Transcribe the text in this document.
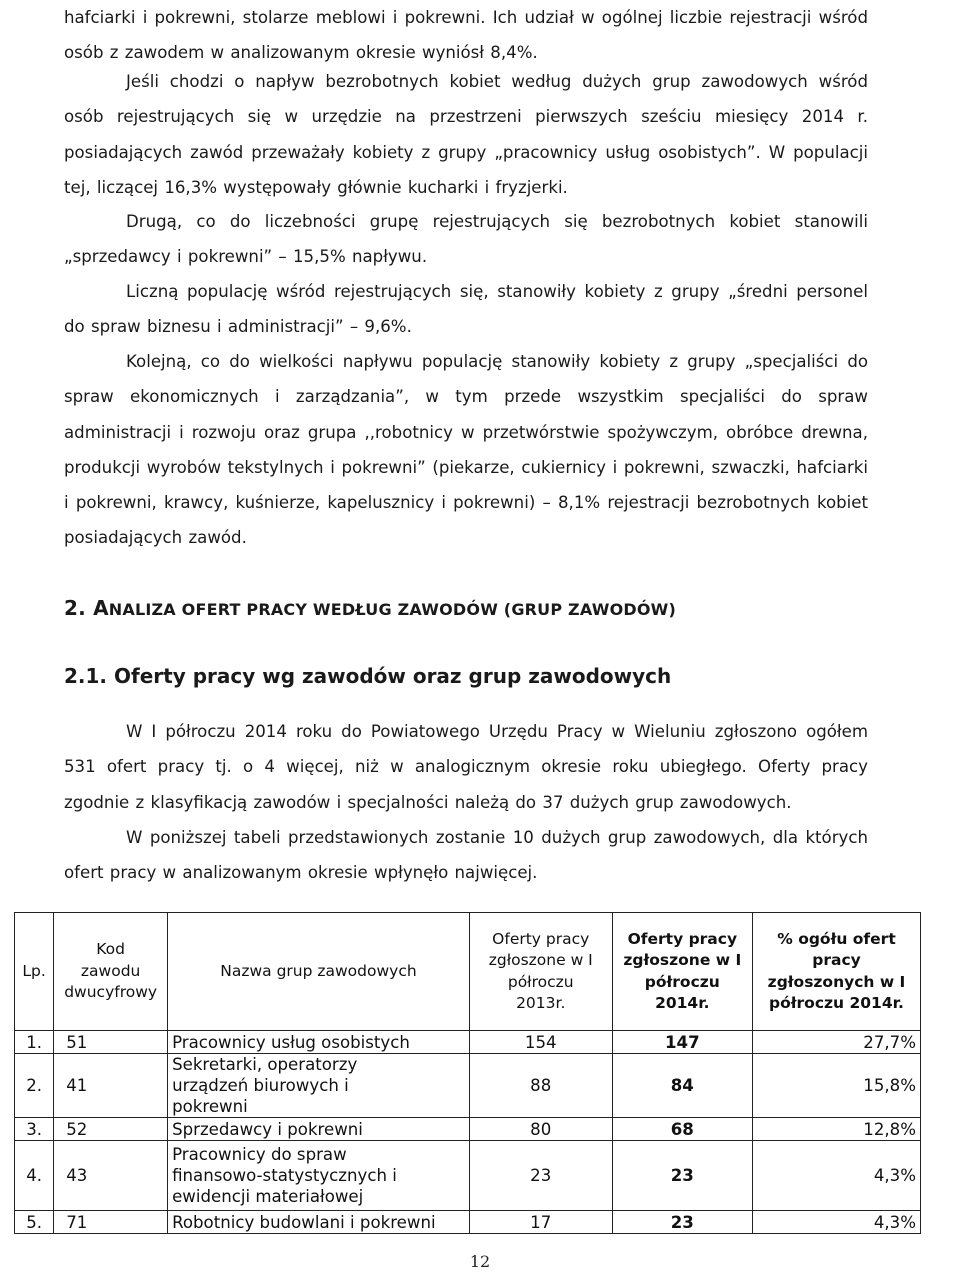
hafciarki i pokrewni, stolarze meblowi i pokrewni. Ich udział w ogólnej liczbie rejestracji wśród osób z zawodem w analizowanym okresie wyniósł 8,4%.

Jeśli chodzi o napływ bezrobotnych kobiet według dużych grup zawodowych wśród osób rejestrujących się w urzędzie na przestrzeni pierwszych sześciu miesięcy 2014 r. posiadających zawód przeważały kobiety z grupy „pracownicy usług osobistych”. W populacji tej, liczącej 16,3% występowały głównie kucharki i fryzjerki.

Drugą, co do liczebności grupę rejestrujących się bezrobotnych kobiet stanowili „sprzedawcy i pokrewni” – 15,5% napływu.

Liczną populację wśród rejestrujących się, stanowiły kobiety z grupy „średni personel do spraw biznesu i administracji” – 9,6%.

Kolejną, co do wielkości napływu populację stanowiły kobiety z grupy „specjaliści do spraw ekonomicznych i zarządzania”, w tym przede wszystkim specjaliści do spraw administracji i rozwoju oraz grupa ,,robotnicy w przetwórstwie spożywczym, obróbce drewna, produkcji wyrobów tekstylnych i pokrewni” (piekarze, cukiernicy i pokrewni, szwaczki, hafciarki i pokrewni, krawcy, kuśnierze, kapelusznicy i pokrewni) – 8,1% rejestracji bezrobotnych kobiet posiadających zawód.

2. ANALIZA OFERT PRACY WEDŁUG ZAWODÓW (GRUP ZAWODÓW)
2.1. Oferty pracy wg zawodów oraz grup zawodowych

W I półroczu 2014 roku do Powiatowego Urzędu Pracy w Wieluniu zgłoszono ogółem 531 ofert pracy tj. o 4 więcej, niż w analogicznym okresie roku ubiegłego. Oferty pracy zgodnie z klasyfikacją zawodów i specjalności należą do 37 dużych grup zawodowych.

W poniższej tabeli przedstawionych zostanie 10 dużych grup zawodowych, dla których ofert pracy w analizowanym okresie wpłynęło najwięcej.

Lp.	Kod zawodu dwucyfrowy	Nazwa grup zawodowych	Oferty pracy zgłoszone w I półroczu 2013r.	Oferty pracy zgłoszone w I półroczu 2014r.	% ogółu ofert pracy zgłoszonych w I półroczu 2014r.
1.	51	Pracownicy usług osobistych	154	147	27,7%
2.	41	Sekretarki, operatorzy urządzeń biurowych i pokrewni	88	84	15,8%
3.	52	Sprzedawcy i pokrewni	80	68	12,8%
4.	43	Pracownicy do spraw finansowo-statystycznych i ewidencji materiałowej	23	23	4,3%
5.	71	Robotnicy budowlani i pokrewni	17	23	4,3%
12
